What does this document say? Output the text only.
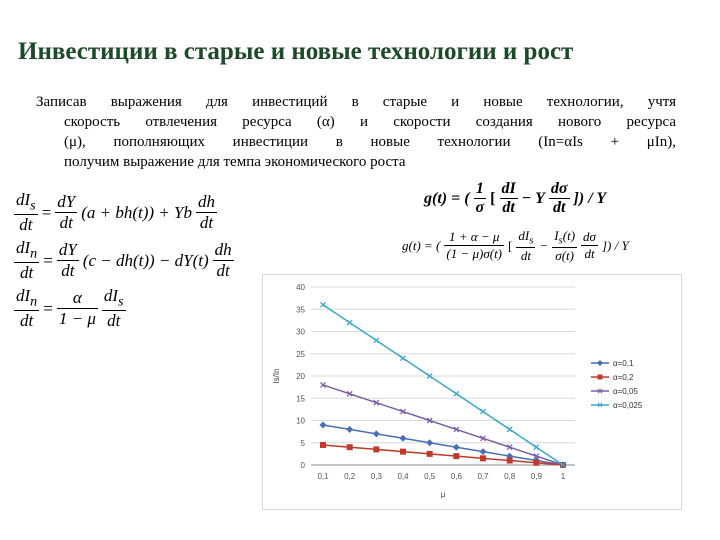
Инвестиции в старые и новые технологии и рост
Записав выражения для инвестиций в старые и новые технологии, учтя
скорость отвлечения ресурса (α) и скорости создания нового ресурса
(μ), пополняющих инвестиции в новые технологии (In=αIs + μIn),
получим выражение для темпа экономического роста
$\frac{dI_s}{dt} = \frac{dY}{dt} (a + bh(t)) + Yb \frac{dh}{dt}$
$\frac{dI_n}{dt} = \frac{dY}{dt} (c - dh(t)) - dY(t) \frac{dh}{dt}$
$\frac{dI_n}{dt} = \frac{\alpha}{1 - \mu} \frac{dI_s}{dt}$
g(t) = ( $\frac{1}{\sigma}$ [ $\frac{dI}{dt} - Y \frac{d\sigma}{dt}$ ]) / Y
g(t) = ( $\frac{1 + \alpha - \mu}{(1 - \mu)\sigma(t)}$ [ $\frac{dI_s}{dt} - \frac{I_s(t)}{\sigma(t)} \frac{d\sigma}{dt}$ ]) / Y
0
5
10
15
20
25
30
35
40
0,1 0,2 0,3 0,4 0,5 0,6 0,7 0,8 0,9 1
μ
Is/In
α=0,1
α=0,2
α=0,05
α=0,025
